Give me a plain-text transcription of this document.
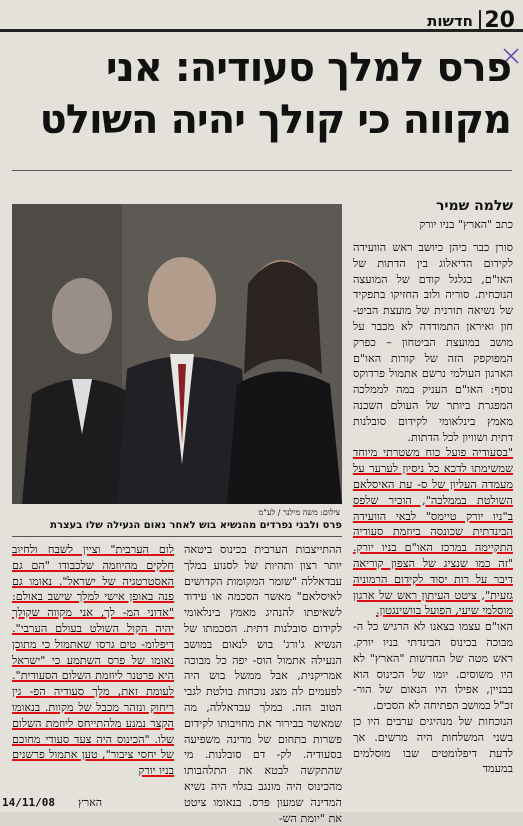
20
חדשות
פרס למלך סעודיה: אני
מקווה כי קולך יהיה השולט
שלמה שמיר
כתב "הארץ" בניו יורק

סורן כבר כיהן כיושב ראש הוועידה לקידום הדיאלוג בין הדתות של האו"ם, בגלגל קודם של המועצה הנוכחית. סוריה ולוב החזיקו בתפקיד של נשיאה תורנית של מועצת הביט- חון ואיראן התמודדה לא מכבר על מושב במועצת הביטחון – כפרק המפוקפק הזה של קורות האו"ם הארגון העולמי נרשם אתמול פרדוקס נוסף: האו"ם העניק במה לממלכה המפגרת ביותר של העולם השכנה מאמץ בינלאומי לקידום סובלנות דתית ושוויון לכל הדתות.

"בסעודיה פועל כוח משטרתי מיוחד שמשימתו לדכא כל ניסיון לערער על מעמדה העליון של ס- עת האיסלאם השולטת בממלכה", הוכיר שלפס ב"ניו יורק טיימס" לבאי הוועידה הבינדתית שכונסה ביוזמת סעודיה התקיימה במרכז האו"ם בניו יורק. "זה כמו שנציג של הצפון קוריאה דיבר על רות יסוד לקידום הרמוניה גזעית", ציטט העיתון ראש של ארגון מוסלמי שיעי, הפועל בוושינגטון.

האו"ם עצמו בצאנו לא הרגיש כל ה- מבוכה בכינוס הבינדתי בניו יורק. ראש מטה של החדשות "הארץ" לא היו משוסים. יומו של הכינוס הוא בבניין, אפילו היו הנאום של הור- זכ"ל במושב הפתיחה לא הסכים.

הנוכחות של מנהיגים ערבים היו כן בשני המשלחות היה מרשים. אך לדעת דיפלומטים שבו מוסלמים במעמד

צילום: משה מילנר / לע"מ
פרס ולבני נפרדים מהנשיא בוש לאחר נאום הנעילה שלו בעצרת

ההתייצבות הערבית בכינוס ביטאה יותר רצון ותהיות של לסנוע במלך עבדאללה "שומר המקומות הקדושים לאיסלאם" מאשר הסכמה או עידוד לשאיפתו להנהיג מאמץ בינלאומי לקידום סובלנות דתית. הסכמתו של הנשיא ג'ורג' בוש לנאום במושב הנעילה אתמול הוס- יפה כל מבוכה אמריקנית, אבל ממשל בוש היה לפעמים לה מצג נוכחות בולטת לגבי הטוב הזה. במלך עבדאללה, מה שמאשר בבירור את מחויבותו לקידום פשרות בתחום של מדינה משפיעה בסעודיה. לק- דם סובלנות. מי שהתקשה לבטא את התלהבותו מהכינוס היה מונגב בגלוי היה נשיא המדינה שמעון פרס. בנאומו ציטט את "יומת הש-

לום הערבית" וציין לשבח ולחיוב חלקים מהיוזמה שלכבודו "הם גם האסטרטגיה של ישראל". נאומו גם פנה באופן אישי למלך שישב באולם: "אדוני המ- לך, אני מקווה שקולך יהיה הקול השולט בעולם הערבי". דיפלומ- טים גרסו שאתמול כי מתוכן נאומו של פרס השתמע כי "ישראל היא פרטנר ליוזמת השלום הסעודית". לעומת זאת, מלך סעודיה הפ- גין ריחוק ונזהר מכבל של מקוות. בנאומו הקצר נמנע מלהתייחס ליוזמת השלום שלו. "הכינוס היה צעד סעודי מחוכם של יחסי ציבור", טען אתמול פרשנים בניו יורק

הארץ
14/11/08
